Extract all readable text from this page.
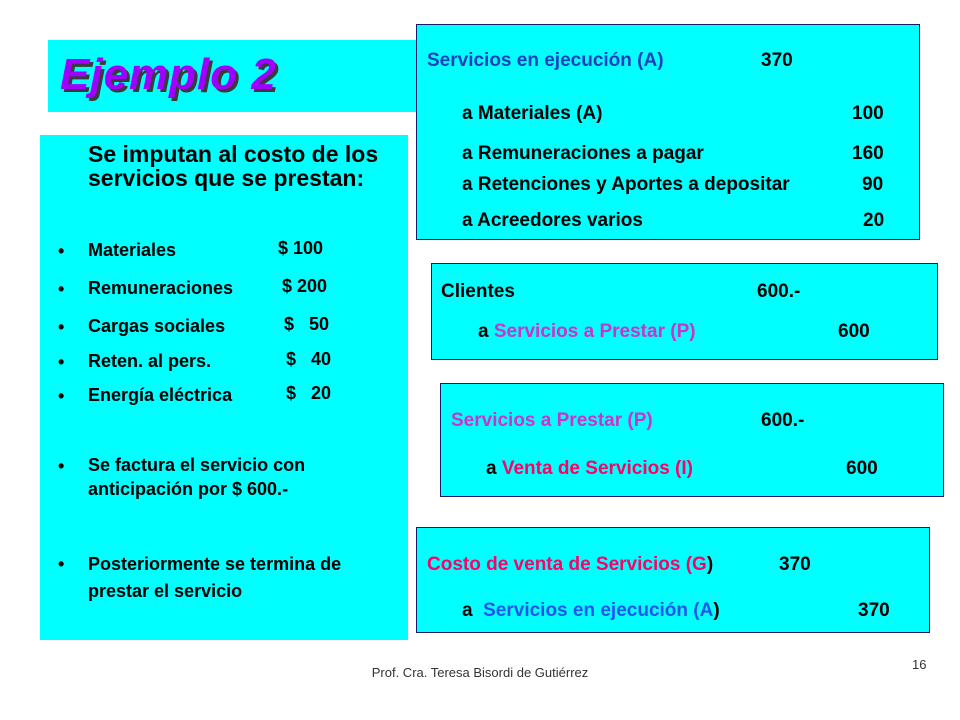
Ejemplo 2
Se imputan al costo de los servicios que se prestan:
• Materiales	$ 100
• Remuneraciones	$ 200
• Cargas sociales	$   50
• Reten. al pers.	$   40
• Energía eléctrica	$   20
• Se factura el servicio con anticipación por $ 600.-
• Posteriormente se termina de prestar el servicio
Servicios en ejecución (A)	370
a Materiales (A)	100
a Remuneraciones a pagar	160
a Retenciones y Aportes a depositar	90
a Acreedores varios	20
Clientes	600.-
a Servicios a Prestar (P)	600
Servicios a Prestar (P)	600.-
a Venta de Servicios (I)	600
Costo de venta de Servicios (G)	370
a  Servicios en ejecución (A)	370
Prof. Cra. Teresa Bisordi de Gutiérrez
16
